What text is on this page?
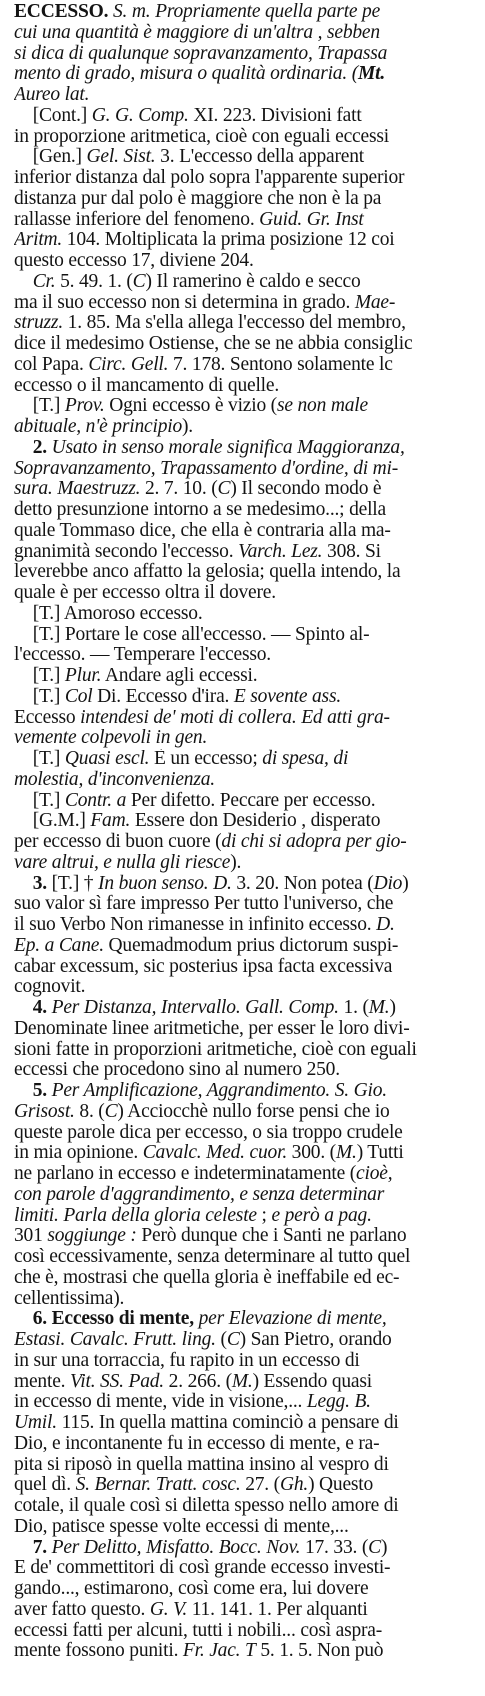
ECCESSO. S. m. Propriamente quella parte pe
cui una quantità è maggiore di un'altra , sebben
si dica di qualunque sopravanzamento, Trapassa
mento di grado, misura o qualità ordinaria. (Mt.
Aureo lat.
[Cont.] G. G. Comp. XI. 223. Divisioni fatt
in proporzione aritmetica, cioè con eguali eccessi
[Gen.] Gel. Sist. 3. L'eccesso della apparent
inferior distanza dal polo sopra l'apparente superior
distanza pur dal polo è maggiore che non è la pa
rallasse inferiore del fenomeno. Guid. Gr. Inst
Aritm. 104. Moltiplicata la prima posizione 12 coi
questo eccesso 17, diviene 204.
Cr. 5. 49. 1. (C) Il ramerino è caldo e secco
ma il suo eccesso non si determina in grado. Mae-
struzz. 1. 85. Ma s'ella allega l'eccesso del membro,
dice il medesimo Ostiense, che se ne abbia consiglic
col Papa. Circ. Gell. 7. 178. Sentono solamente lc
eccesso o il mancamento di quelle.
[T.] Prov. Ogni eccesso è vizio (se non male
abituale, n'è principio).
2. Usato in senso morale significa Maggioranza,
Sopravanzamento, Trapassamento d'ordine, di mi-
sura. Maestruzz. 2. 7. 10. (C) Il secondo modo è
detto presunzione intorno a se medesimo...; della
quale Tommaso dice, che ella è contraria alla ma-
gnanimità secondo l'eccesso. Varch. Lez. 308. Si
leverebbe anco affatto la gelosia; quella intendo, la
quale è per eccesso oltra il dovere.
[T.] Amoroso eccesso.
[T.] Portare le cose all'eccesso. — Spinto al-
l'eccesso. — Temperare l'eccesso.
[T.] Plur. Andare agli eccessi.
[T.] Col Di. Eccesso d'ira. E sovente ass.
Eccesso intendesi de' moti di collera. Ed atti gra-
vemente colpevoli in gen.
[T.] Quasi escl. È un eccesso; di spesa, di
molestia, d'inconvenienza.
[T.] Contr. a Per difetto. Peccare per eccesso.
[G.M.] Fam. Essere don Desiderio , disperato
per eccesso di buon cuore (di chi si adopra per gio-
vare altrui, e nulla gli riesce).
3. [T.] † In buon senso. D. 3. 20. Non potea (Dio)
suo valor sì fare impresso Per tutto l'universo, che
il suo Verbo Non rimanesse in infinito eccesso. D.
Ep. a Cane. Quemadmodum prius dictorum suspi-
cabar excessum, sic posterius ipsa facta excessiva
cognovit.
4. Per Distanza, Intervallo. Gall. Comp. 1. (M.)
Denominate linee aritmetiche, per esser le loro divi-
sioni fatte in proporzioni aritmetiche, cioè con eguali
eccessi che procedono sino al numero 250.
5. Per Amplificazione, Aggrandimento. S. Gio.
Grisost. 8. (C) Acciocchè nullo forse pensi che io
queste parole dica per eccesso, o sia troppo crudele
in mia opinione. Cavalc. Med. cuor. 300. (M.) Tutti
ne parlano in eccesso e indeterminatamente (cioè,
con parole d'aggrandimento, e senza determinar
limiti. Parla della gloria celeste ; e però a pag.
301 soggiunge : Però dunque che i Santi ne parlano
così eccessivamente, senza determinare al tutto quel
che è, mostrasi che quella gloria è ineffabile ed ec-
cellentissima).
6. Eccesso di mente, per Elevazione di mente,
Estasi. Cavalc. Frutt. ling. (C) San Pietro, orando
in sur una torraccia, fu rapito in un eccesso di
mente. Vit. SS. Pad. 2. 266. (M.) Essendo quasi
in eccesso di mente, vide in visione,... Legg. B.
Umil. 115. In quella mattina cominciò a pensare di
Dio, e incontanente fu in eccesso di mente, e ra-
pita si riposò in quella mattina insino al vespro di
quel dì. S. Bernar. Tratt. cosc. 27. (Gh.) Questo
cotale, il quale così si diletta spesso nello amore di
Dio, patisce spesse volte eccessi di mente,...
7. Per Delitto, Misfatto. Bocc. Nov. 17. 33. (C)
E de' commettitori di così grande eccesso investi-
gando..., estimarono, così come era, lui dovere
aver fatto questo. G. V. 11. 141. 1. Per alquanti
eccessi fatti per alcuni, tutti i nobili... così aspra-
mente fossono puniti. Fr. Jac. T 5. 1. 5. Non può
